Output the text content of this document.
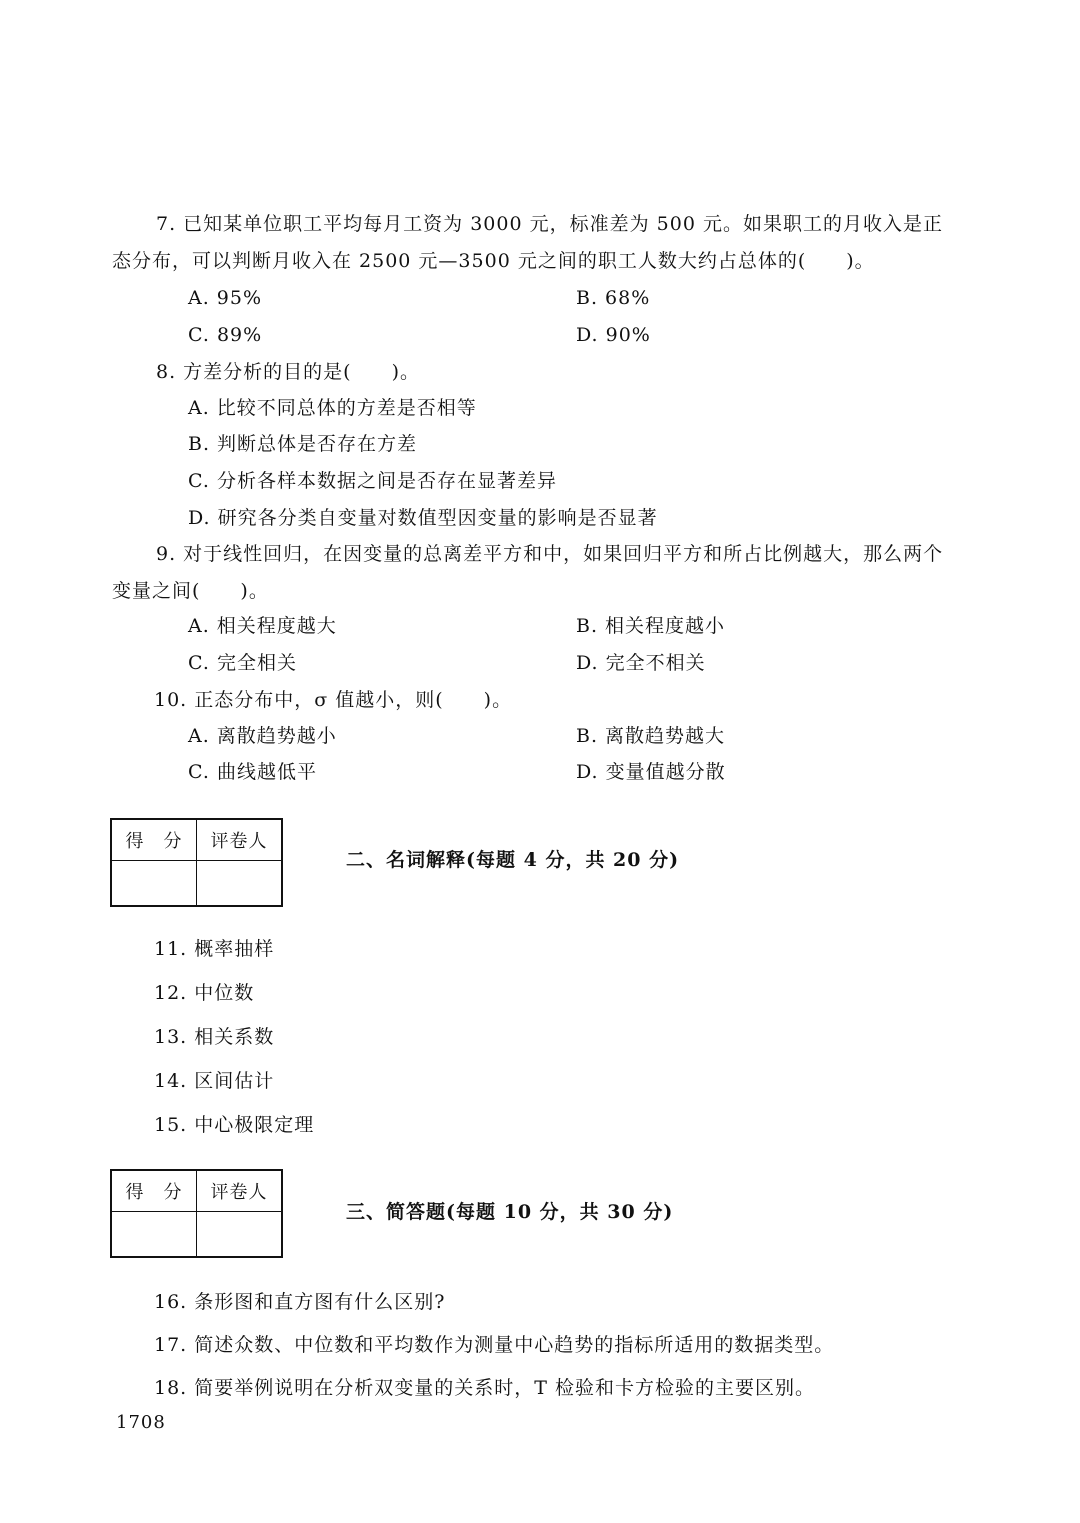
7. 已知某单位职工平均每月工资为 3000 元，标准差为 500 元。如果职工的月收入是正
态分布，可以判断月收入在 2500 元—3500 元之间的职工人数大约占总体的(　　)。
A. 95%	B. 68%
C. 89%	D. 90%
8. 方差分析的目的是(　　)。
A. 比较不同总体的方差是否相等
B. 判断总体是否存在方差
C. 分析各样本数据之间是否存在显著差异
D. 研究各分类自变量对数值型因变量的影响是否显著
9. 对于线性回归，在因变量的总离差平方和中，如果回归平方和所占比例越大，那么两个
变量之间(　　)。
A. 相关程度越大	B. 相关程度越小
C. 完全相关	D. 完全不相关
10. 正态分布中，σ 值越小，则(　　)。
A. 离散趋势越小	B. 离散趋势越大
C. 曲线越低平	D. 变量值越分散
得　分	评卷人

二、名词解释(每题 4 分，共 20 分)
11. 概率抽样
12. 中位数
13. 相关系数
14. 区间估计
15. 中心极限定理
得　分	评卷人

三、简答题(每题 10 分，共 30 分)
16. 条形图和直方图有什么区别?
17. 简述众数、中位数和平均数作为测量中心趋势的指标所适用的数据类型。
18. 简要举例说明在分析双变量的关系时，T 检验和卡方检验的主要区别。
1708
